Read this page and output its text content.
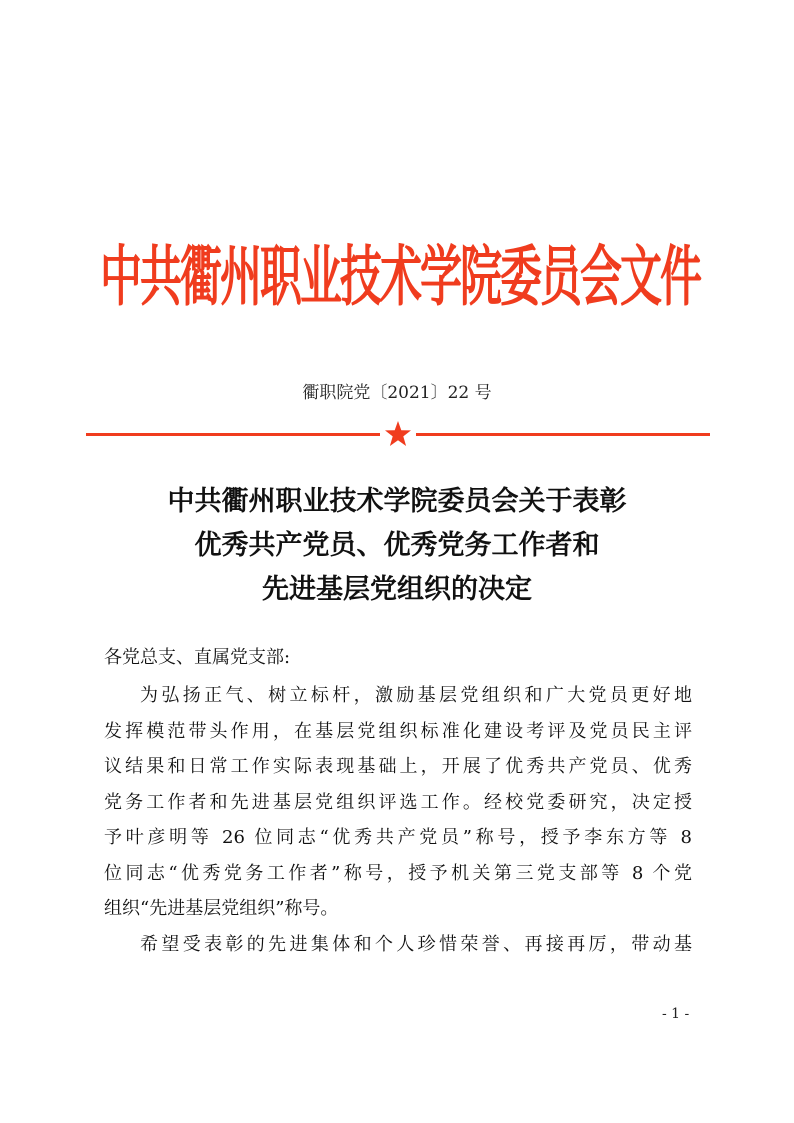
中共衢州职业技术学院委员会文件
衢职院党〔2021〕22 号
中共衢州职业技术学院委员会关于表彰
优秀共产党员、优秀党务工作者和
先进基层党组织的决定
各党总支、直属党支部:
为弘扬正气、树立标杆，激励基层党组织和广大党员更好地
发挥模范带头作用，在基层党组织标准化建设考评及党员民主评
议结果和日常工作实际表现基础上，开展了优秀共产党员、优秀
党务工作者和先进基层党组织评选工作。经校党委研究，决定授
予叶彦明等 26 位同志“优秀共产党员”称号，授予李东方等 8
位同志“优秀党务工作者”称号，授予机关第三党支部等 8 个党
组织“先进基层党组织”称号。
希望受表彰的先进集体和个人珍惜荣誉、再接再厉，带动基
- 1 -
